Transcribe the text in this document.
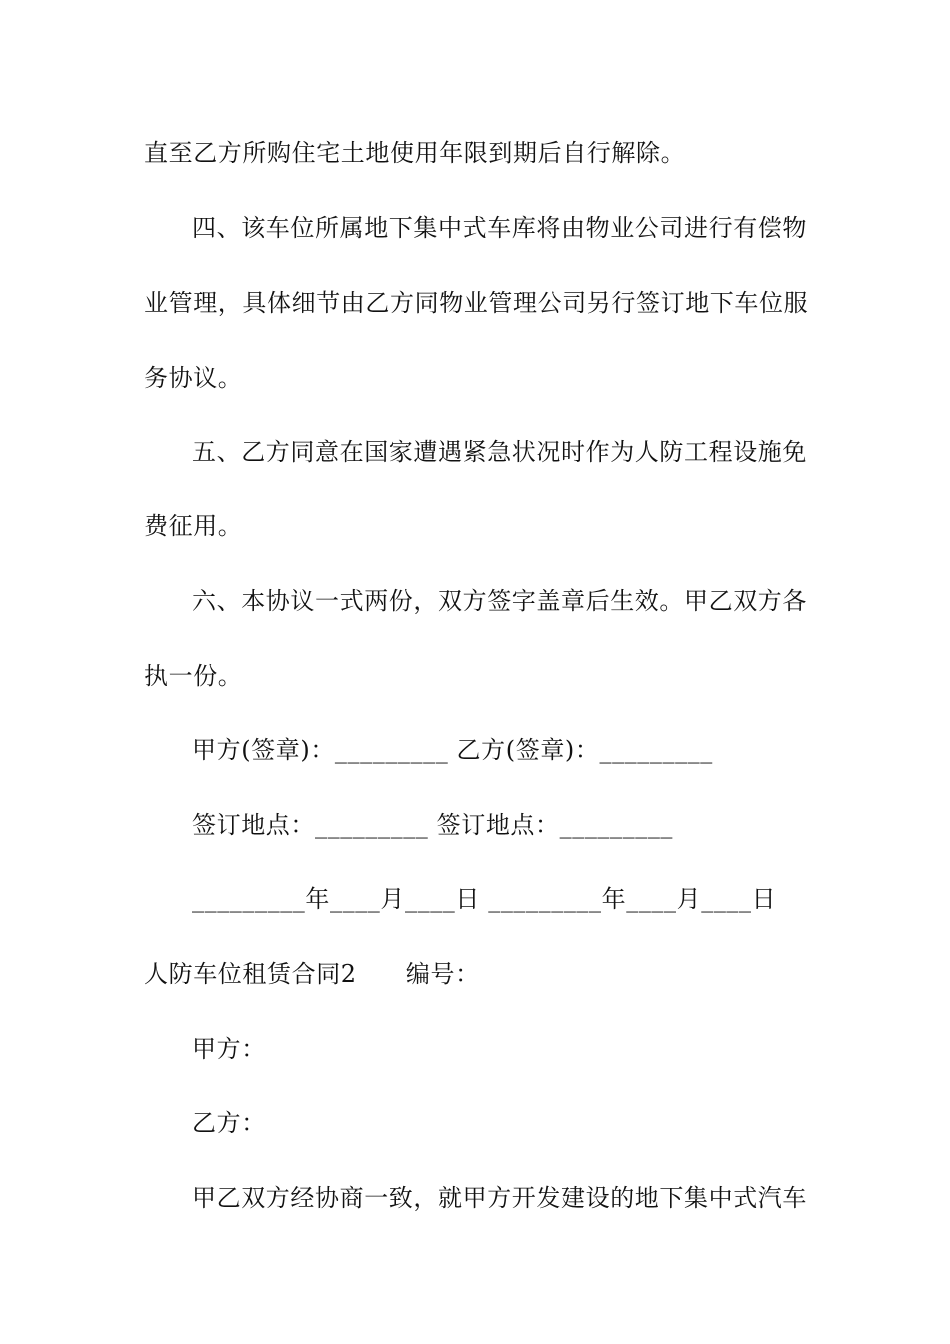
直至乙方所购住宅土地使用年限到期后自行解除。
四、该车位所属地下集中式车库将由物业公司进行有偿物
业管理，具体细节由乙方同物业管理公司另行签订地下车位服
务协议。
五、乙方同意在国家遭遇紧急状况时作为人防工程设施免
费征用。
六、本协议一式两份，双方签字盖章后生效。甲乙双方各
执一份。
甲方(签章)：_________ 乙方(签章)：_________
签订地点：_________ 签订地点：_________
_________年____月____日 _________年____月____日
人防车位租赁合同2　　编号：
甲方：
乙方：
甲乙双方经协商一致，就甲方开发建设的地下集中式汽车
